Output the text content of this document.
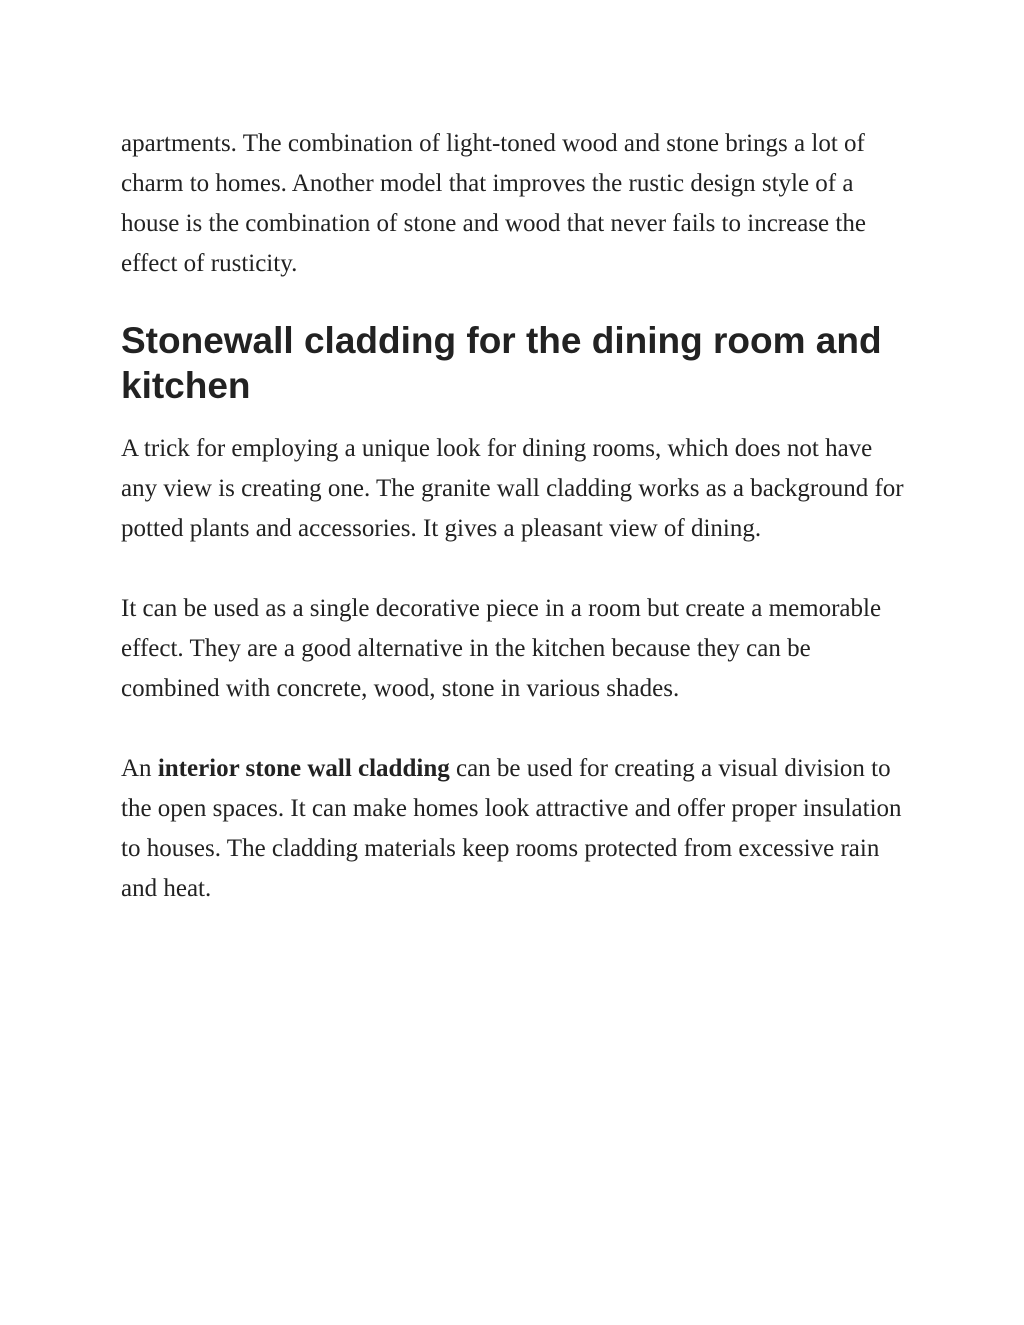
apartments. The combination of light-toned wood and stone brings a lot of charm to homes. Another model that improves the rustic design style of a house is the combination of stone and wood that never fails to increase the effect of rusticity.

Stonewall cladding for the dining room and kitchen

A trick for employing a unique look for dining rooms, which does not have any view is creating one. The granite wall cladding works as a background for potted plants and accessories. It gives a pleasant view of dining.

It can be used as a single decorative piece in a room but create a memorable effect. They are a good alternative in the kitchen because they can be combined with concrete, wood, stone in various shades.

An interior stone wall cladding can be used for creating a visual division to the open spaces. It can make homes look attractive and offer proper insulation to houses. The cladding materials keep rooms protected from excessive rain and heat.
